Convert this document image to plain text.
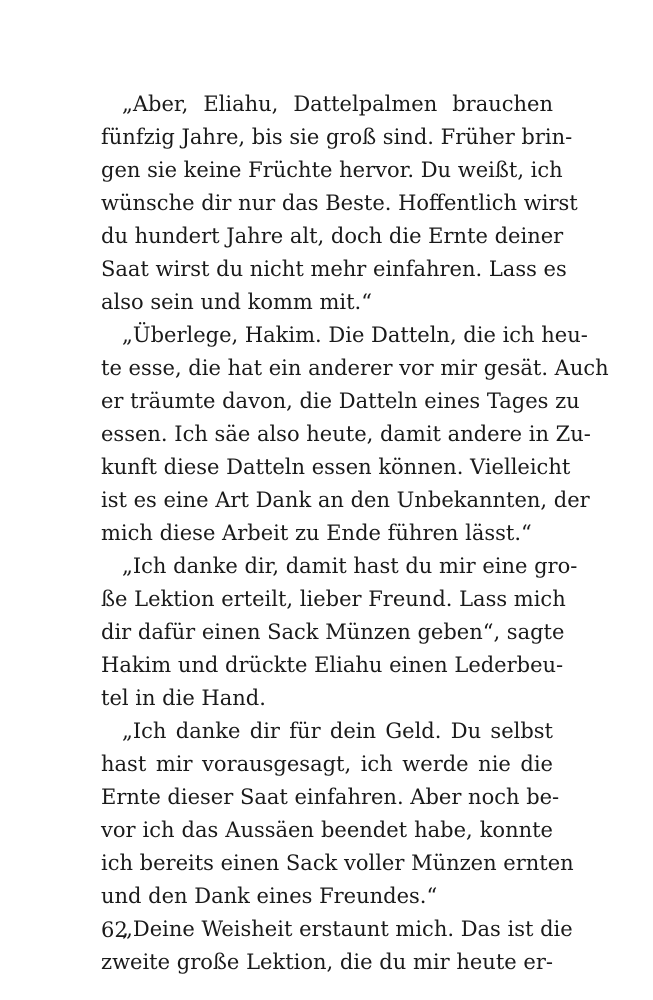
„Aber, Eliahu, Dattelpalmen brauchen
fünfzig Jahre, bis sie groß sind. Früher brin-
gen sie keine Früchte hervor. Du weißt, ich
wünsche dir nur das Beste. Hoffentlich wirst
du hundert Jahre alt, doch die Ernte deiner
Saat wirst du nicht mehr einfahren. Lass es
also sein und komm mit.“
„Überlege, Hakim. Die Datteln, die ich heu-
te esse, die hat ein anderer vor mir gesät. Auch
er träumte davon, die Datteln eines Tages zu
essen. Ich säe also heute, damit andere in Zu-
kunft diese Datteln essen können. Vielleicht
ist es eine Art Dank an den Unbekannten, der
mich diese Arbeit zu Ende führen lässt.“
„Ich danke dir, damit hast du mir eine gro-
ße Lektion erteilt, lieber Freund. Lass mich
dir dafür einen Sack Münzen geben“, sagte
Hakim und drückte Eliahu einen Lederbeu-
tel in die Hand.
„Ich danke dir für dein Geld. Du selbst
hast mir vorausgesagt, ich werde nie die
Ernte dieser Saat einfahren. Aber noch be-
vor ich das Aussäen beendet habe, konnte
ich bereits einen Sack voller Münzen ernten
und den Dank eines Freundes.“
„Deine Weisheit erstaunt mich. Das ist die
zweite große Lektion, die du mir heute er-
62
